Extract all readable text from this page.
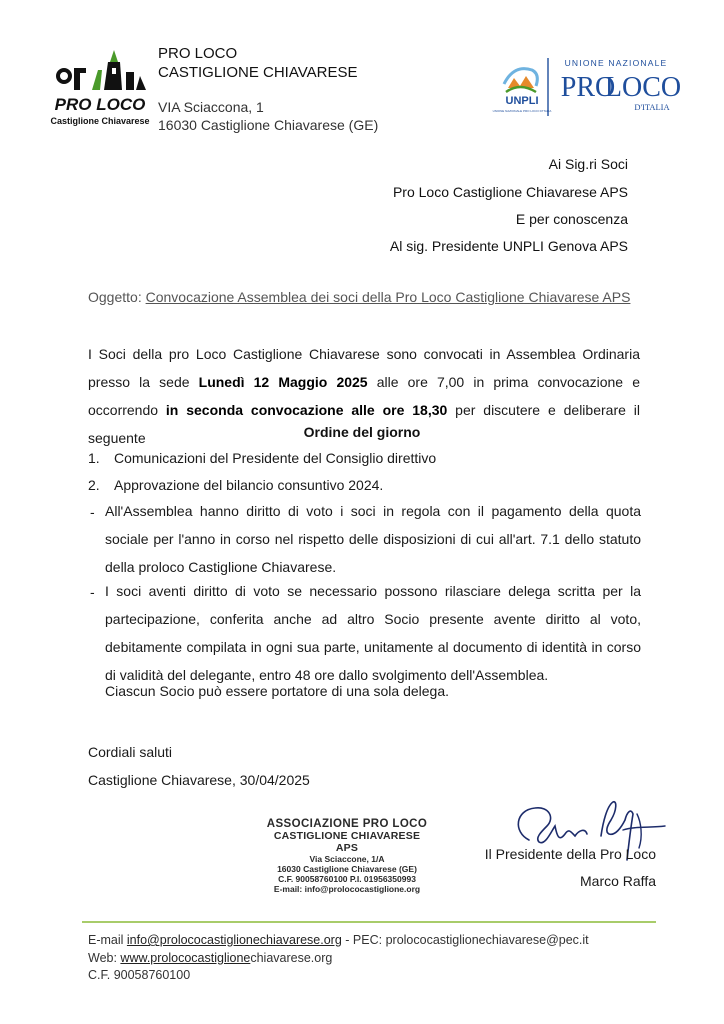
PRO LOCO
Castiglione Chiavarese
PRO LOCO
CASTIGLIONE CHIAVARESE
VIA Sciaccona, 1
16030 Castiglione Chiavarese (GE)
UNPLI
UNIONE NAZIONALE PRO LOCO D'ITALIA
UNIONE NAZIONALE
PRO
LOCO
D'ITALIA
Ai Sig.ri Soci
Pro Loco Castiglione Chiavarese APS
E per conoscenza
Al sig. Presidente UNPLI Genova APS
Oggetto: Convocazione Assemblea dei soci della Pro Loco Castiglione Chiavarese APS
I Soci della pro Loco Castiglione Chiavarese sono convocati in Assemblea Ordinaria presso la sede Lunedì 12 Maggio 2025 alle ore 7,00 in prima convocazione e occorrendo in seconda convocazione alle ore 18,30 per discutere e deliberare il seguente	Ordine del giorno
1. Comunicazioni del Presidente del Consiglio direttivo
2. Approvazione del bilancio consuntivo 2024.
- All'Assemblea hanno diritto di voto i soci in regola con il pagamento della quota sociale per l'anno in corso nel rispetto delle disposizioni di cui all'art. 7.1 dello statuto della proloco Castiglione Chiavarese.
- I soci aventi diritto di voto se necessario possono rilasciare delega scritta per la partecipazione, conferita anche ad altro Socio presente avente diritto al voto, debitamente compilata in ogni sua parte, unitamente al documento di identità in corso di validità del delegante, entro 48 ore dallo svolgimento dell'Assemblea.
Ciascun Socio può essere portatore di una sola delega.
Cordiali saluti
Castiglione Chiavarese, 30/04/2025
ASSOCIAZIONE PRO LOCO
CASTIGLIONE CHIAVARESE APS
Via Sciaccone, 1/A
16030 Castiglione Chiavarese (GE)
C.F. 90058760100 P.I. 01956350993
E-mail: info@prolococastiglione.org
Il Presidente della Pro Loco
Marco Raffa
E-mail info@prolococastiglionechiavarese.org - PEC: prolococastiglionechiavarese@pec.it
Web: www.prolococastiglionechiavarese.org
C.F. 90058760100
